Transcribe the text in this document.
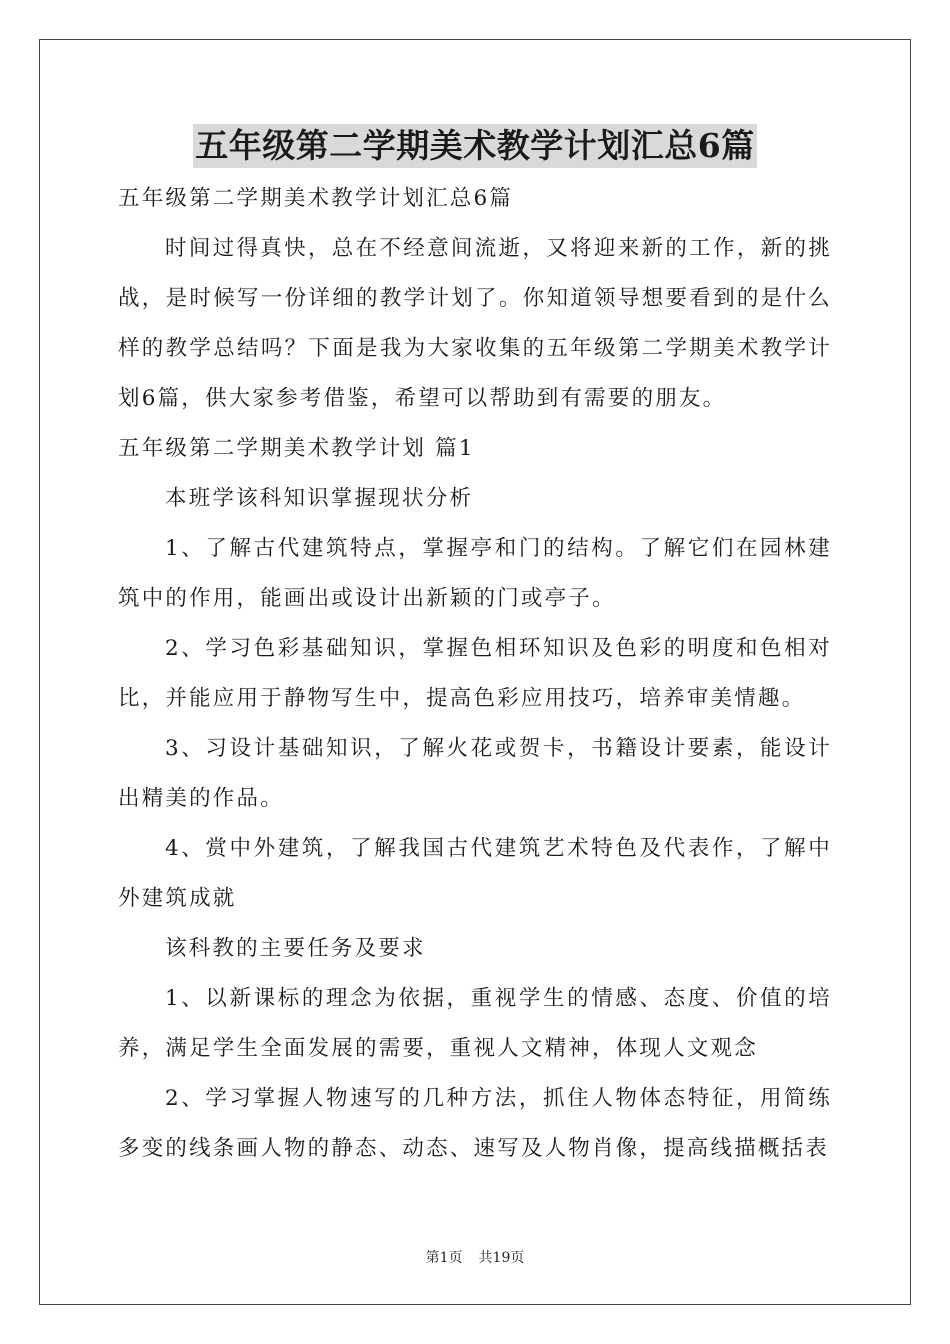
五年级第二学期美术教学计划汇总6篇

五年级第二学期美术教学计划汇总6篇

时间过得真快，总在不经意间流逝，又将迎来新的工作，新的挑战，是时候写一份详细的教学计划了。你知道领导想要看到的是什么样的教学总结吗？下面是我为大家收集的五年级第二学期美术教学计划6篇，供大家参考借鉴，希望可以帮助到有需要的朋友。

五年级第二学期美术教学计划 篇1

本班学该科知识掌握现状分析

1、了解古代建筑特点，掌握亭和门的结构。了解它们在园林建筑中的作用，能画出或设计出新颖的门或亭子。

2、学习色彩基础知识，掌握色相环知识及色彩的明度和色相对比，并能应用于静物写生中，提高色彩应用技巧，培养审美情趣。

3、习设计基础知识，了解火花或贺卡，书籍设计要素，能设计出精美的作品。

4、赏中外建筑，了解我国古代建筑艺术特色及代表作，了解中外建筑成就

该科教的主要任务及要求

1、以新课标的理念为依据，重视学生的情感、态度、价值的培养，满足学生全面发展的需要，重视人文精神，体现人文观念

2、学习掌握人物速写的几种方法，抓住人物体态特征，用简练多变的线条画人物的静态、动态、速写及人物肖像，提高线描概括表

第1页 共19页
